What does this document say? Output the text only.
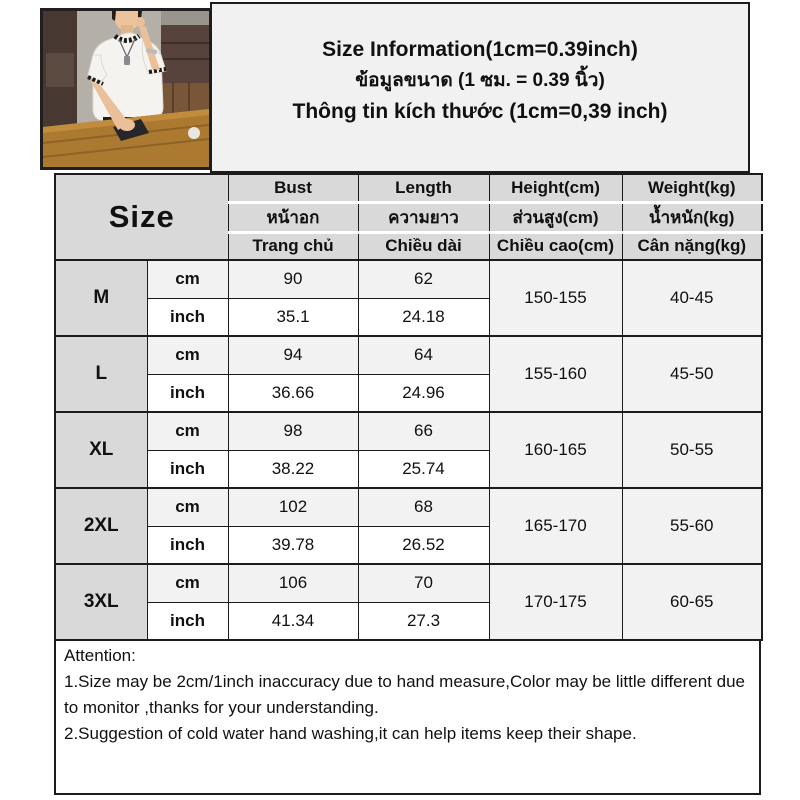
Size Information(1cm=0.39inch)
ข้อมูลขนาด (1 ซม. = 0.39 นิ้ว)
Thông tin kích thước (1cm=0,39 inch)
Size		Bust	Length	Height(cm)	Weight(kg)
		หน้าอก	ความยาว	ส่วนสูง(cm)	น้ำหนัก(kg)
		Trang chủ	Chiều dài	Chiều cao(cm)	Cân nặng(kg)
M	cm	90	62	150-155	40-45
	inch	35.1	24.18		
L	cm	94	64	155-160	45-50
	inch	36.66	24.96		
XL	cm	98	66	160-165	50-55
	inch	38.22	25.74		
2XL	cm	102	68	165-170	55-60
	inch	39.78	26.52		
3XL	cm	106	70	170-175	60-65
	inch	41.34	27.3		

Attention:

1.Size may be 2cm/1inch inaccuracy due to hand measure,Color may be little different due to monitor ,thanks for your understanding.

2.Suggestion of cold water hand washing,it can help items keep their shape.
